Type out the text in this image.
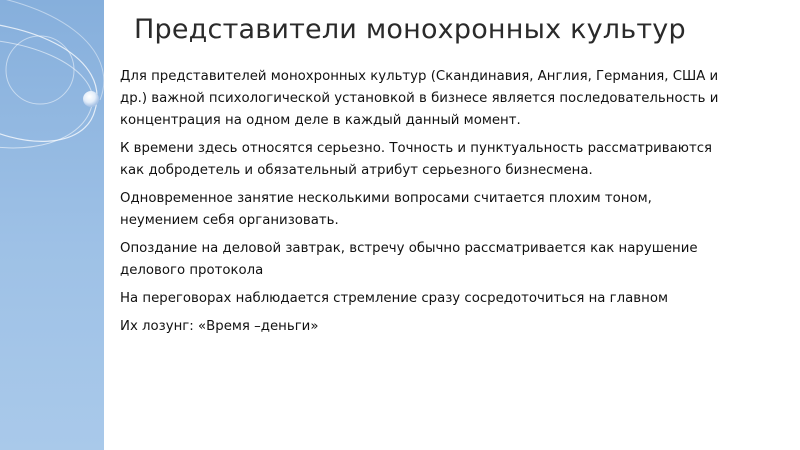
Представители монохронных культур

Для представителей монохронных культур (Скандинавия, Англия, Германия, США и др.) важной психологической установкой в бизнесе является последовательность и концентрация на одном деле в каждый данный момент.

К времени здесь относятся серьезно. Точность и пунктуальность рассматриваются как добродетель и обязательный атрибут серьезного бизнесмена.

Одновременное занятие несколькими вопросами считается плохим тоном, неумением себя организовать.

Опоздание на деловой завтрак, встречу обычно рассматривается как нарушение делового протокола

На переговорах наблюдается стремление сразу сосредоточиться на главном

Их лозунг: «Время –деньги»
